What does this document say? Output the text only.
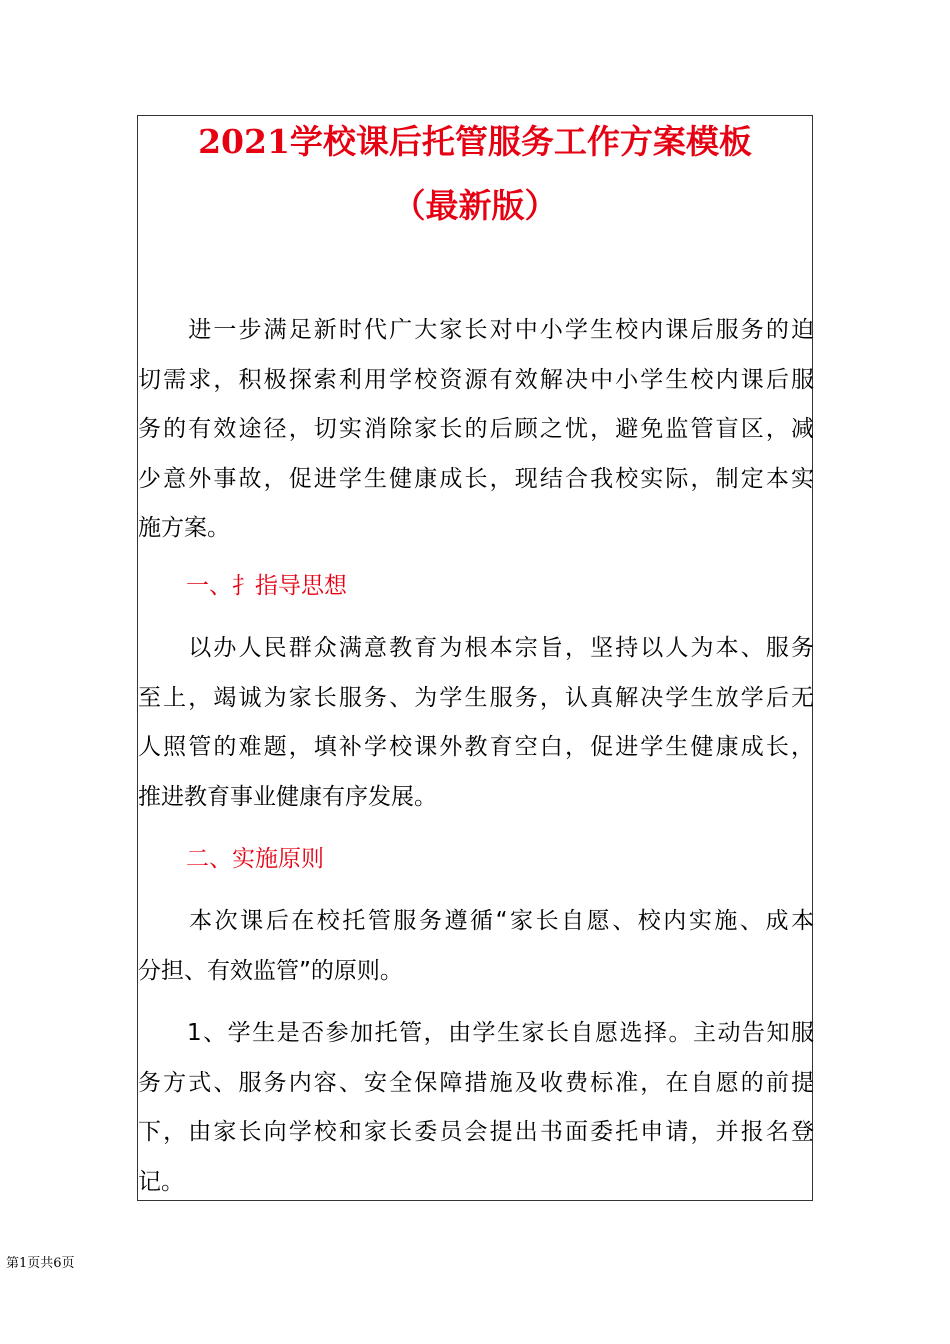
2021学校课后托管服务工作方案模板
（最新版）
　　进一步满足新时代广大家长对中小学生校内课后服务的迫
切需求，积极探索利用学校资源有效解决中小学生校内课后服
务的有效途径，切实消除家长的后顾之忧，避免监管盲区，减
少意外事故，促进学生健康成长，现结合我校实际，制定本实
施方案。
一、扌指导思想
　　以办人民群众满意教育为根本宗旨，坚持以人为本、服务
至上，竭诚为家长服务、为学生服务，认真解决学生放学后无
人照管的难题，填补学校课外教育空白，促进学生健康成长，
推进教育事业健康有序发展。
二、实施原则
　　本次课后在校托管服务遵循“家长自愿、校内实施、成本
分担、有效监管”的原则。
　　1、学生是否参加托管，由学生家长自愿选择。主动告知服
务方式、服务内容、安全保障措施及收费标准，在自愿的前提
下，由家长向学校和家长委员会提出书面委托申请，并报名登
记。
第1页共6页
